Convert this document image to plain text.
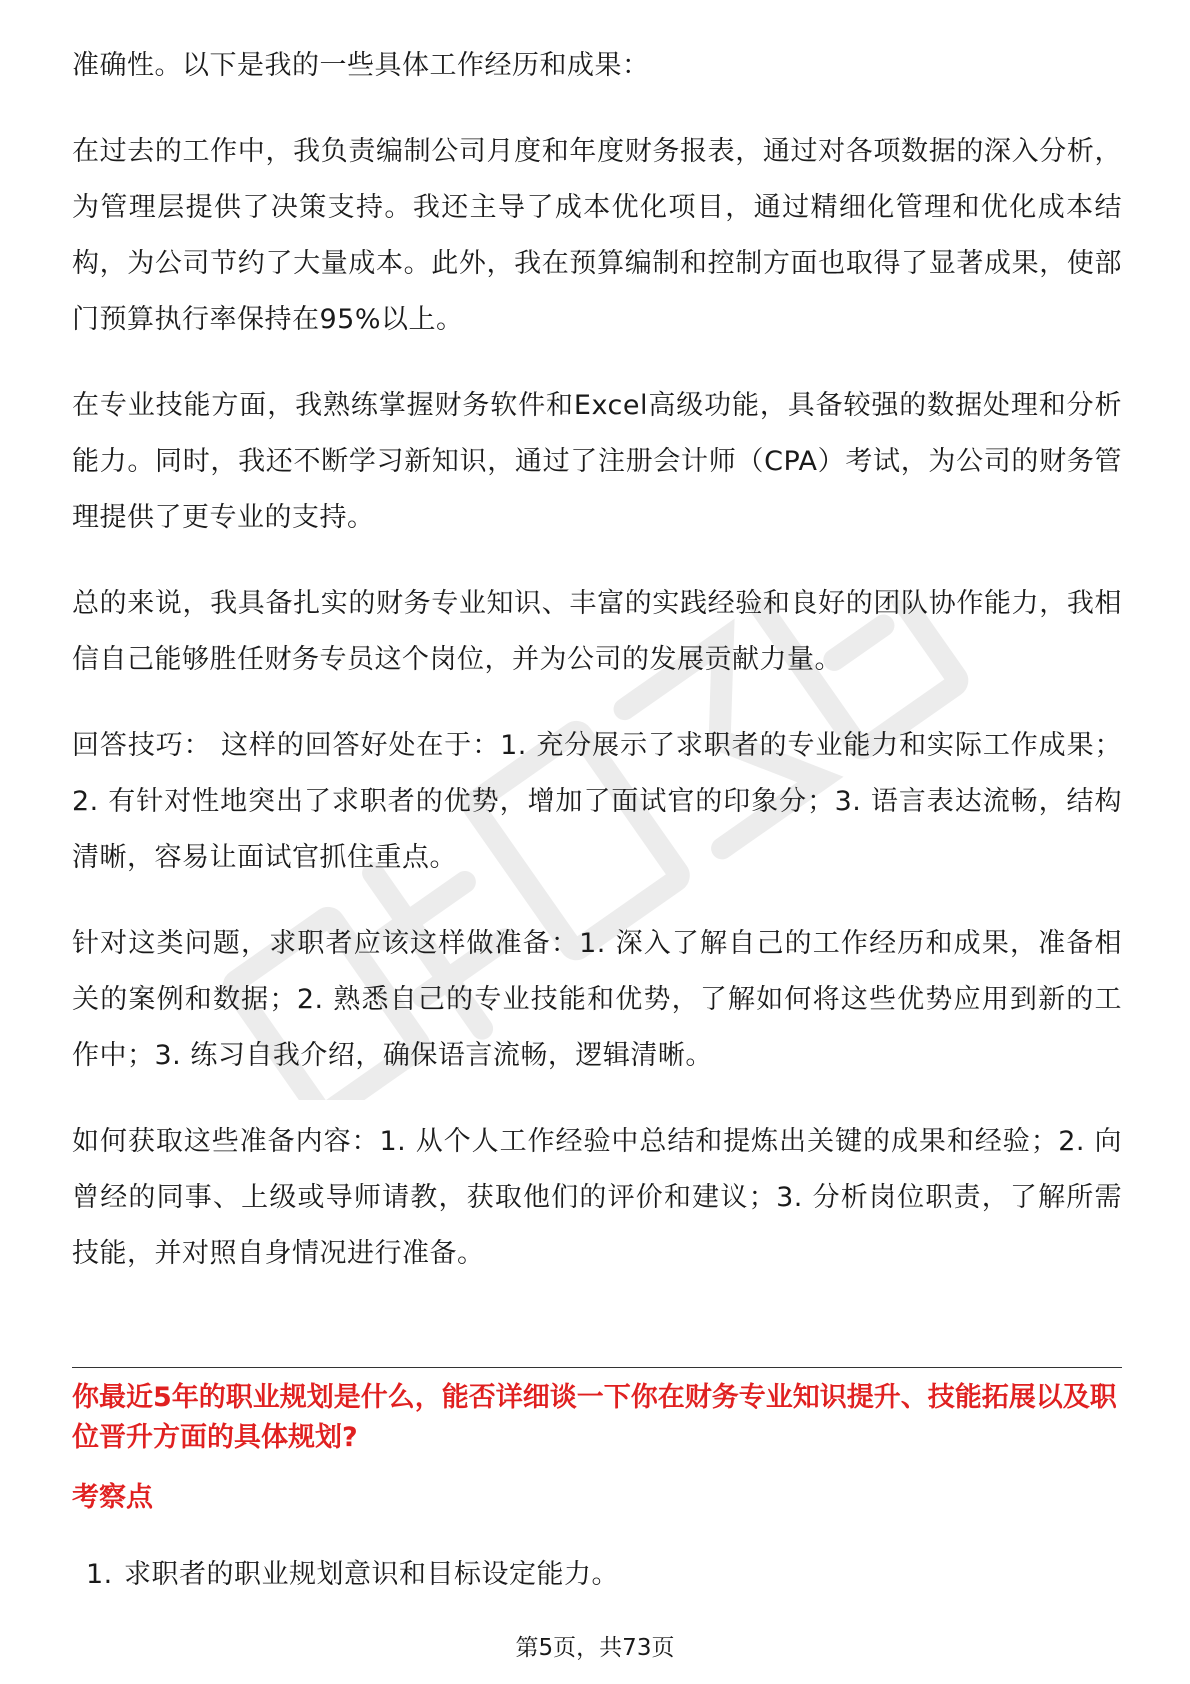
准确性。以下是我的一些具体工作经历和成果：

在过去的工作中，我负责编制公司月度和年度财务报表，通过对各项数据的深入分析，为管理层提供了决策支持。我还主导了成本优化项目，通过精细化管理和优化成本结构，为公司节约了大量成本。此外，我在预算编制和控制方面也取得了显著成果，使部门预算执行率保持在95%以上。

在专业技能方面，我熟练掌握财务软件和Excel高级功能，具备较强的数据处理和分析能力。同时，我还不断学习新知识，通过了注册会计师（CPA）考试，为公司的财务管理提供了更专业的支持。

总的来说，我具备扎实的财务专业知识、丰富的实践经验和良好的团队协作能力，我相信自己能够胜任财务专员这个岗位，并为公司的发展贡献力量。

回答技巧： 这样的回答好处在于：1. 充分展示了求职者的专业能力和实际工作成果；2. 有针对性地突出了求职者的优势，增加了面试官的印象分；3. 语言表达流畅，结构清晰，容易让面试官抓住重点。

针对这类问题，求职者应该这样做准备：1. 深入了解自己的工作经历和成果，准备相关的案例和数据；2. 熟悉自己的专业技能和优势，了解如何将这些优势应用到新的工作中；3. 练习自我介绍，确保语言流畅，逻辑清晰。

如何获取这些准备内容：1. 从个人工作经验中总结和提炼出关键的成果和经验；2. 向曾经的同事、上级或导师请教，获取他们的评价和建议；3. 分析岗位职责，了解所需技能，并对照自身情况进行准备。

你最近5年的职业规划是什么，能否详细谈一下你在财务专业知识提升、技能拓展以及职位晋升方面的具体规划?

考察点

1. 求职者的职业规划意识和目标设定能力。

第5页，共73页
